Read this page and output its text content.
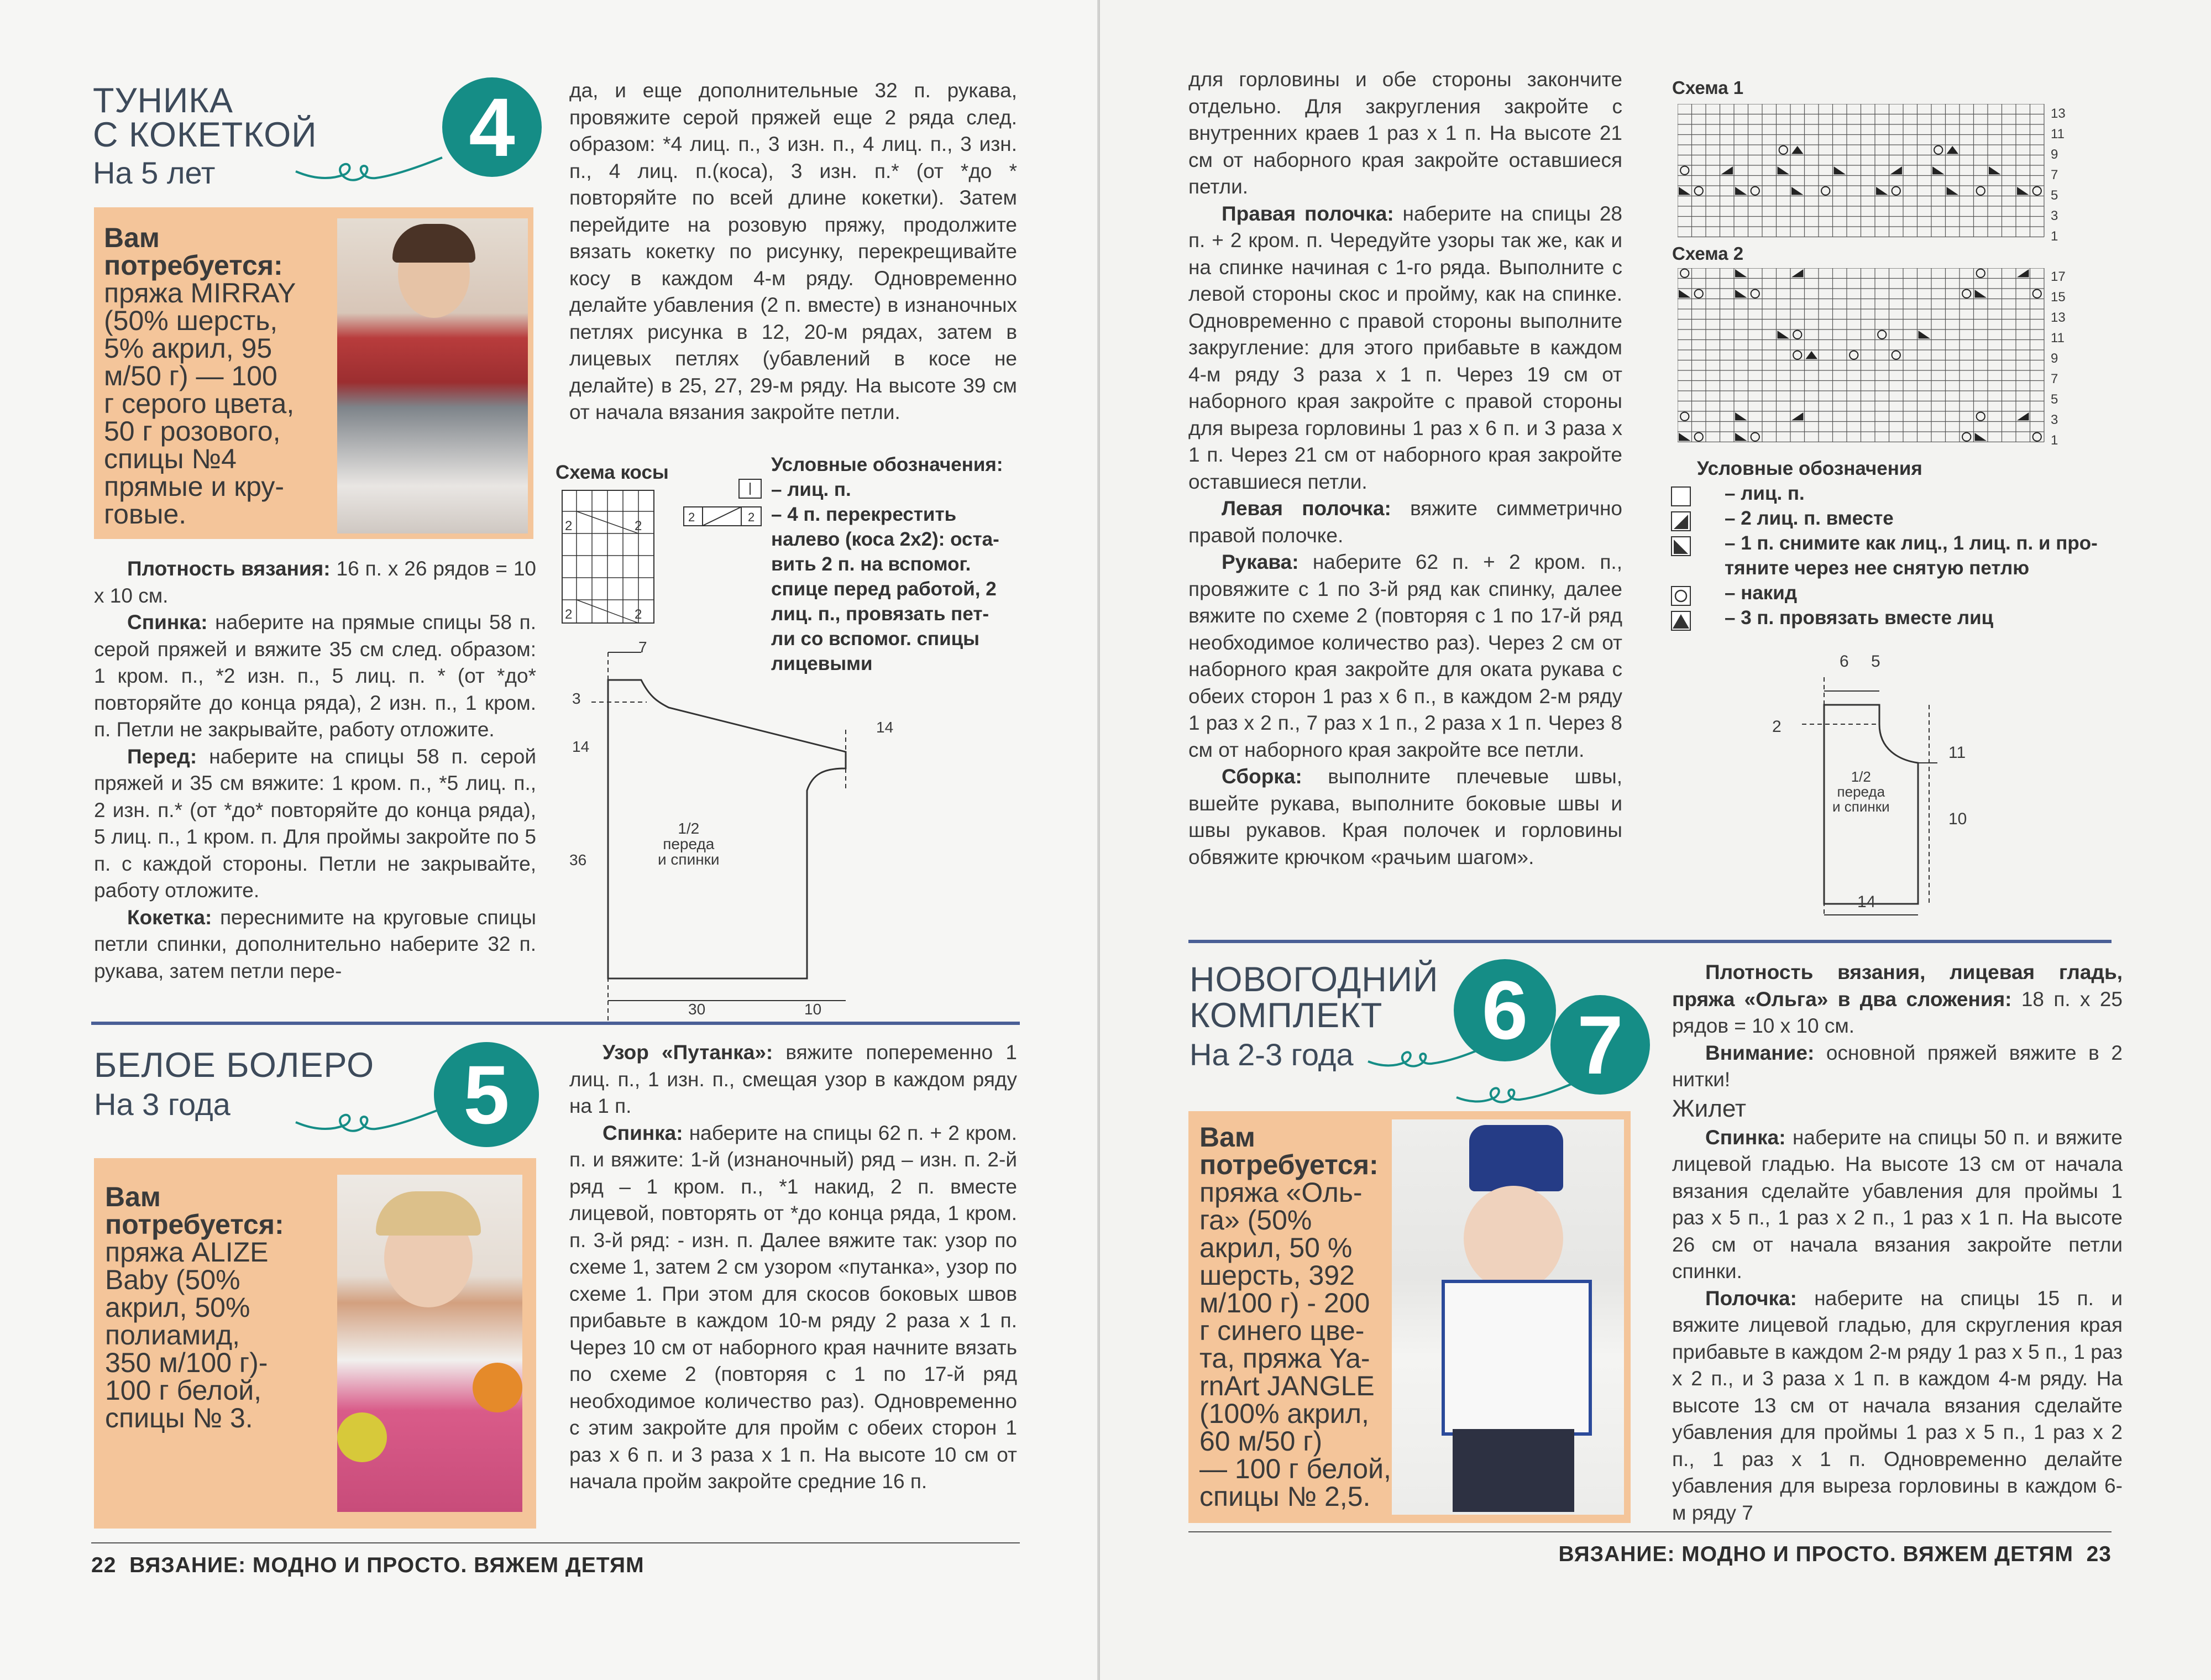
ТУНИКА
С КОКЕТКОЙ
На 5 лет	4
Вам
потребуется:
пряжа MIRRAY
(50% шерсть,
5% акрил, 95
м/50 г) — 100
г серого цвета,
50 г розового,
спицы №4
прямые и кру-
говые.

Плотность вязания: 16 п. х 26 рядов = 10 х 10 см.

Спинка: наберите на прямые спицы 58 п. серой пряжей и вяжите 35 см след. образом: 1 кром. п., *2 изн. п., 5 лиц. п. * (от *до* повторяйте до конца ряда), 2 изн. п., 1 кром. п. Петли не закрывайте, работу отложите.

Перед: наберите на спицы 58 п. серой пряжей и 35 см вяжите: 1 кром. п., *5 лиц. п., 2 изн. п.* (от *до* повторяйте до конца ряда), 5 лиц. п., 1 кром. п. Для проймы закройте по 5 п. с каждой стороны. Петли не закрывайте, работу отложите.

Кокетка: переснимите на круговые спицы петли спинки, дополнительно наберите 32 п. рукава, затем петли пере-

да, и еще дополнительные 32 п. рукава, провяжите серой пряжей еще 2 ряда след. образом: *4 лиц. п., 3 изн. п., 4 лиц. п., 3 изн. п., 4 лиц. п.(коса), 3 изн. п.* (от *до * повторяйте по всей длине кокетки). Затем перейдите на розовую пряжу, продолжите вязать кокетку по рисунку, перекрещивайте косу в каждом 4-м ряду. Одновременно делайте убавления (2 п. вместе) в изнаночных петлях рисунка в 12, 20-м рядах, затем в лицевых петлях (убавлений в косе не делайте) в 25, 27, 29-м ряду. На высоте 39 см от начала вязания закройте петли.

Схема косы
2	2
2	2
Условные обозначения:
– лиц. п.
– 4 п. перекрестить
налево (коса 2х2): оста-
вить 2 п. на вспомог.
спице перед работой, 2
лиц. п., провязать пет-
ли со вспомог. спицы
лицевыми
2	2
7
3
14
14
36
30	10
1/2
переда
и спинки
БЕЛОЕ БОЛЕРО
На 3 года	5
Вам
потребуется:
пряжа ALIZE
Baby (50%
акрил, 50%
полиамид,
350 м/100 г)-
100 г белой,
спицы № 3.

Узор «Путанка»: вяжите попеременно 1 лиц. п., 1 изн. п., смещая узор в каждом ряду на 1 п.

Спинка: наберите на спицы 62 п. + 2 кром. п. и вяжите: 1-й (изнаночный) ряд – изн. п. 2-й ряд – 1 кром. п., *1 накид, 2 п. вместе лицевой, повторять от *до конца ряда, 1 кром. п. 3-й ряд: - изн. п. Далее вяжите так: узор по схеме 1, затем 2 см узором «путанка», узор по схеме 1. При этом для скосов боковых швов прибавьте в каждом 10-м ряду 2 раза х 1 п. Через 10 см от наборного края начните вязать по схеме 2 (повторяя с 1 по 17-й ряд необходимое количество раз). Одновременно с этим закройте для пройм с обеих сторон 1 раз х 6 п. и 3 раза х 1 п. На высоте 10 см от начала пройм закройте средние 16 п.

22 ВЯЗАНИЕ: МОДНО И ПРОСТО. ВЯЖЕМ ДЕТЯМ

для горловины и обе стороны закончите отдельно. Для закругления закройте с внутренних краев 1 раз х 1 п. На высоте 21 см от наборного края закройте оставшиеся петли.

Правая полочка: наберите на спицы 28 п. + 2 кром. п. Чередуйте узоры так же, как и на спинке начиная с 1-го ряда. Выполните с левой стороны скос и пройму, как на спинке. Одновременно с правой стороны выполните закругление: для этого прибавьте в каждом 4-м ряду 3 раза х 1 п. Через 19 см от наборного края закройте с правой стороны для выреза горловины 1 раз х 6 п. и 3 раза х 1 п. Через 21 см от наборного края закройте оставшиеся петли.

Левая полочка: вяжите симметрично правой полочке.

Рукава: наберите 62 п. + 2 кром. п., провяжите с 1 по 3-й ряд как спинку, далее вяжите по схеме 2 (повторяя с 1 по 17-й ряд необходимое количество раз). Через 2 см от наборного края закройте для оката рукава с обеих сторон 1 раз х 6 п., в каждом 2-м ряду 1 раз х 2 п., 7 раз х 1 п., 2 раза х 1 п. Через 8 см от наборного края закройте все петли.

Сборка: выполните плечевые швы, вшейте рукава, выполните боковые швы и швы рукавов. Края полочек и горловины обвяжите крючком «рачьим шагом».

Схема 1
13
11
9
7
5
3
1
Схема 2
17
15
13
11
9
7
5
3
1
Условные обозначения
– лиц. п.
– 2 лиц. п. вместе
– 1 п. снимите как лиц., 1 лиц. п. и про-
тяните через нее снятую петлю
– накид
– 3 п. провязать вместе лиц
6 5
2
11
10
14
1/2
переда
и спинки
НОВОГОДНИЙ
КОМПЛЕКТ
На 2-3 года	6 7
Вам
потребуется:
пряжа «Оль-
га» (50%
акрил, 50 %
шерсть, 392
м/100 г) - 200
г синего цве-
та, пряжа Ya-
rnArt JANGLE
(100% акрил,
60 м/50 г)
— 100 г белой,
спицы № 2,5.

Плотность вязания, лицевая гладь, пряжа «Ольга» в два сложения: 18 п. х 25 рядов = 10 х 10 см.

Внимание: основной пряжей вяжите в 2 нитки!

Жилет

Спинка: наберите на спицы 50 п. и вяжите лицевой гладью. На высоте 13 см от начала вязания сделайте убавления для проймы 1 раз х 5 п., 1 раз х 2 п., 1 раз х 1 п. На высоте 26 см от начала вязания закройте петли спинки.

Полочка: наберите на спицы 15 п. и вяжите лицевой гладью, для скругления края прибавьте в каждом 2-м ряду 1 раз х 5 п., 1 раз х 2 п., и 3 раза х 1 п. в каждом 4-м ряду. На высоте 13 см от начала вязания сделайте убавления для проймы 1 раз х 5 п., 1 раз х 2 п., 1 раз х 1 п. Одновременно делайте убавления для выреза горловины в каждом 6-м ряду 7

ВЯЗАНИЕ: МОДНО И ПРОСТО. ВЯЖЕМ ДЕТЯМ 23
